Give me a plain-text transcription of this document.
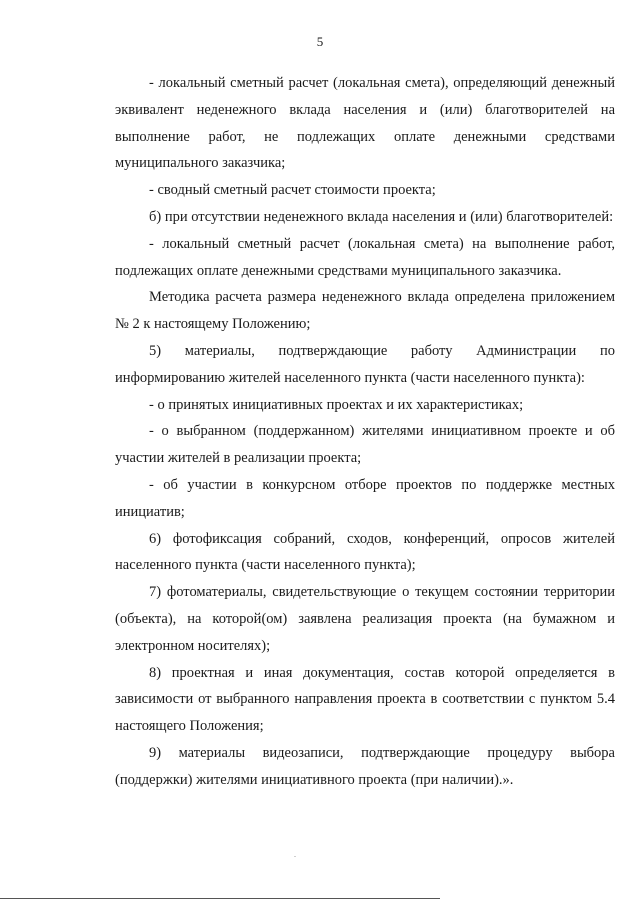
5

- локальный сметный расчет (локальная смета), определяющий денежный эквивалент неденежного вклада населения и (или) благотворителей на выполнение работ, не подлежащих оплате денежными средствами муниципального заказчика;

- сводный сметный расчет стоимости проекта;

б) при отсутствии неденежного вклада населения и (или) благотворителей:

- локальный сметный расчет (локальная смета) на выполнение работ, подлежащих оплате денежными средствами муниципального заказчика.

Методика расчета размера неденежного вклада определена приложением № 2 к настоящему Положению;

5) материалы, подтверждающие работу Администрации по информированию жителей населенного пункта (части населенного пункта):

- о принятых инициативных проектах и их характеристиках;

- о выбранном (поддержанном) жителями инициативном проекте и об участии жителей в реализации проекта;

- об участии в конкурсном отборе проектов по поддержке местных инициатив;

6) фотофиксация собраний, сходов, конференций, опросов жителей населенного пункта (части населенного пункта);

7) фотоматериалы, свидетельствующие о текущем состоянии территории (объекта), на которой(ом) заявлена реализация проекта (на бумажном и электронном носителях);

8) проектная и иная документация, состав которой определяется в зависимости от выбранного направления проекта в соответствии с пунктом 5.4 настоящего Положения;

9) материалы видеозаписи, подтверждающие процедуру выбора (поддержки) жителями инициативного проекта (при наличии).».
